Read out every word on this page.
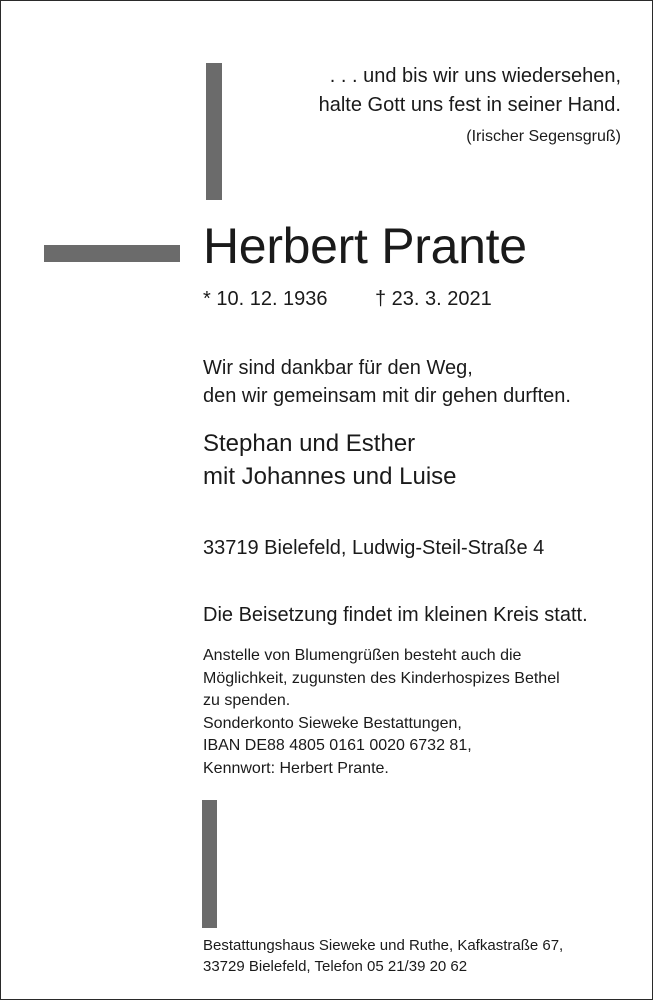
. . . und bis wir uns wiedersehen,
halte Gott uns fest in seiner Hand.
(Irischer Segensgruß)
Herbert Prante
* 10. 12. 1936 † 23. 3. 2021
Wir sind dankbar für den Weg,
den wir gemeinsam mit dir gehen durften.
Stephan und Esther
mit Johannes und Luise
33719 Bielefeld, Ludwig-Steil-Straße 4
Die Beisetzung findet im kleinen Kreis statt.
Anstelle von Blumengrüßen besteht auch die
Möglichkeit, zugunsten des Kinderhospizes Bethel
zu spenden.
Sonderkonto Sieweke Bestattungen,
IBAN DE88 4805 0161 0020 6732 81,
Kennwort: Herbert Prante.
Bestattungshaus Sieweke und Ruthe, Kafkastraße 67,
33729 Bielefeld, Telefon 05 21/39 20 62
